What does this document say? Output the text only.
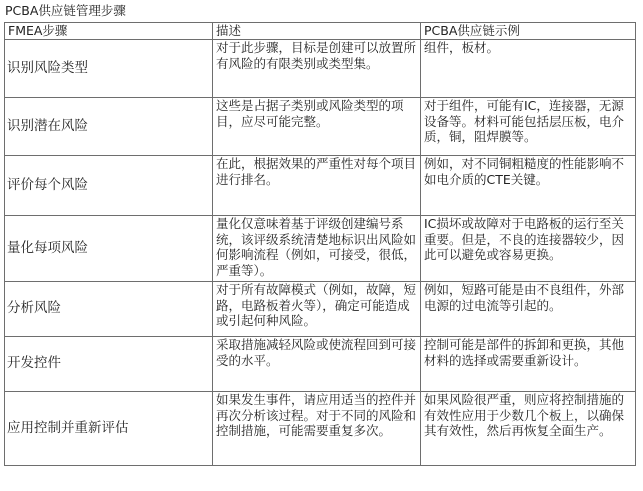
PCBA供应链管理步骤
FMEA步骤	描述	PCBA供应链示例
识别风险类型	对于此步骤，目标是创建可以放置所有风险的有限类别或类型集。	组件，板材。
识别潜在风险	这些是占据子类别或风险类型的项目，应尽可能完整。	对于组件，可能有IC，连接器，无源设备等。材料可能包括层压板，电介质，铜，阻焊膜等。
评价每个风险	在此，根据效果的严重性对每个项目进行排名。	例如，对不同铜粗糙度的性能影响不如电介质的CTE关键。
量化每项风险	量化仅意味着基于评级创建编号系统，该评级系统清楚地标识出风险如何影响流程（例如，可接受，很低，严重等）。	IC损坏或故障对于电路板的运行至关重要。但是，不良的连接器较少，因此可以避免或容易更换。
分析风险	对于所有故障模式（例如，故障，短路，电路板着火等），确定可能造成或引起何种风险。	例如，短路可能是由不良组件，外部电源的过电流等引起的。
开发控件	采取措施减轻风险或使流程回到可接受的水平。	控制可能是部件的拆卸和更换，其他材料的选择或需要重新设计。
应用控制并重新评估	如果发生事件，请应用适当的控件并再次分析该过程。对于不同的风险和控制措施，可能需要重复多次。	如果风险很严重，则应将控制措施的有效性应用于少数几个板上，以确保其有效性，然后再恢复全面生产。
